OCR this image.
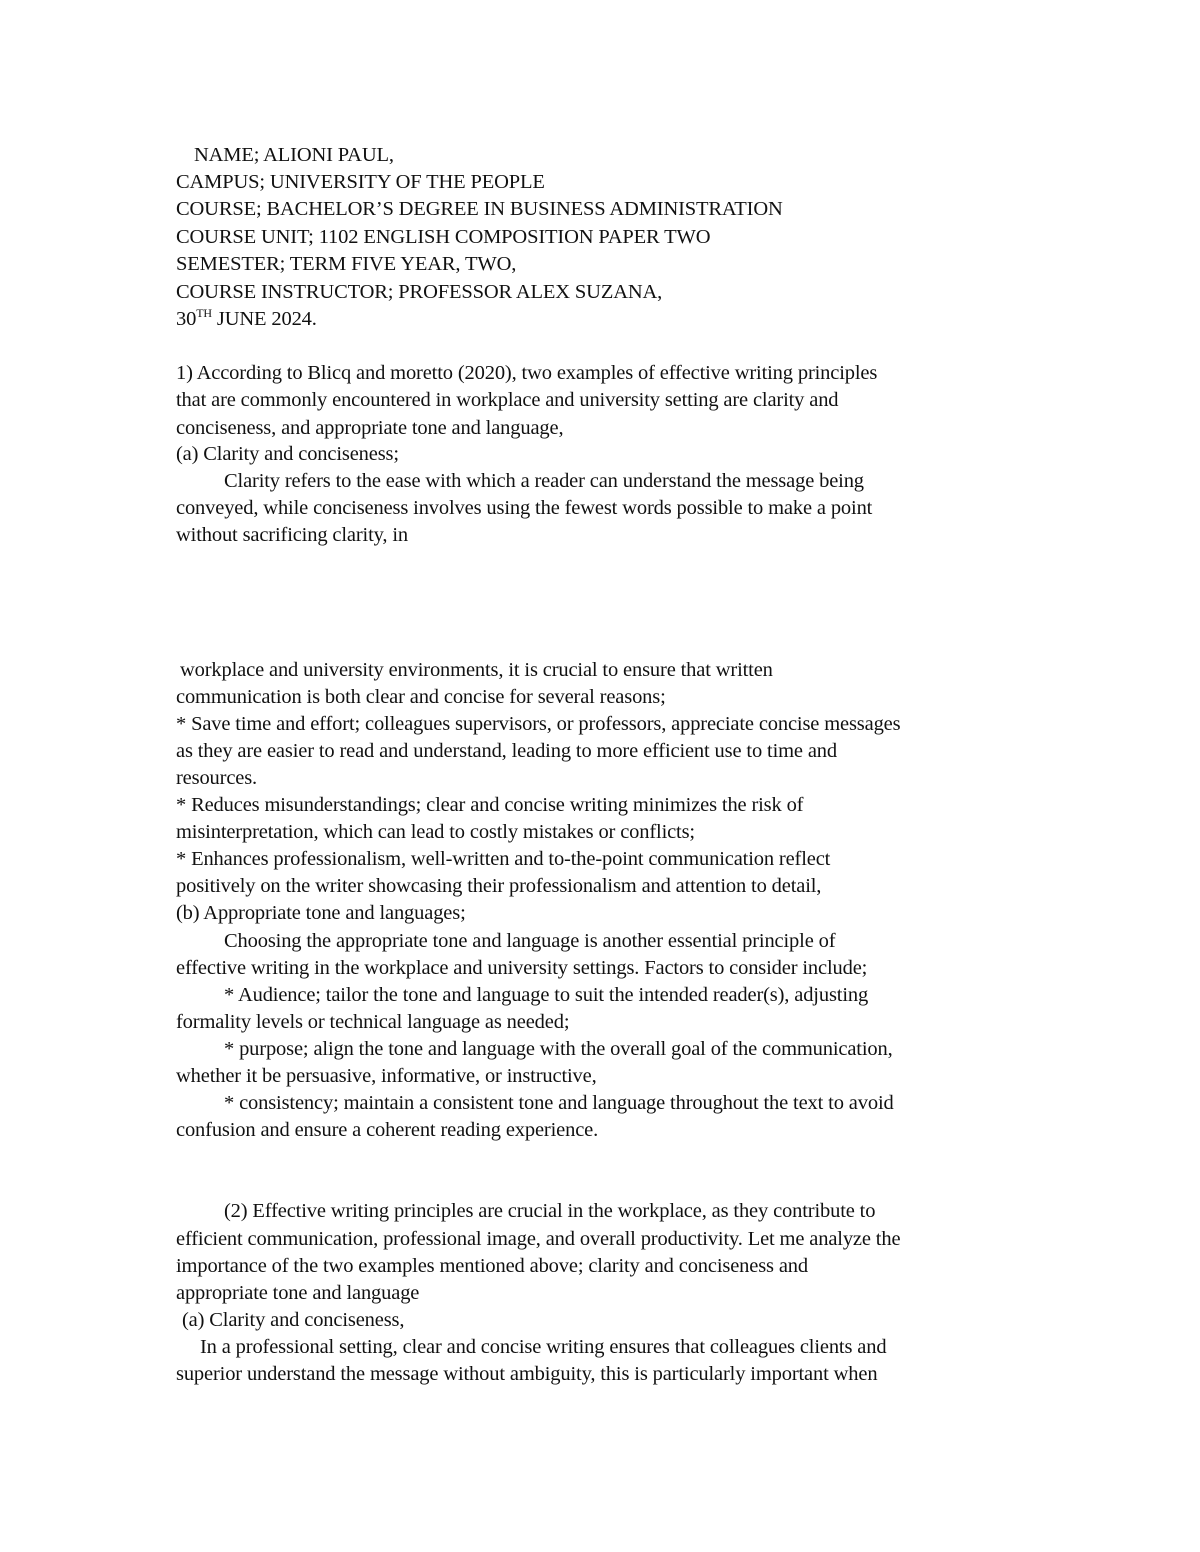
NAME; ALIONI PAUL,
CAMPUS; UNIVERSITY OF THE PEOPLE
COURSE; BACHELOR’S DEGREE IN BUSINESS ADMINISTRATION
COURSE UNIT; 1102 ENGLISH COMPOSITION PAPER TWO
SEMESTER; TERM FIVE YEAR, TWO,
COURSE INSTRUCTOR; PROFESSOR ALEX SUZANA,
30TH JUNE 2024.
1) According to Blicq and moretto (2020), two examples of effective writing principles
that are commonly encountered in workplace and university setting are clarity and
conciseness, and appropriate tone and language,
(a) Clarity and conciseness;
Clarity refers to the ease with which a reader can understand the message being
conveyed, while conciseness involves using the fewest words possible to make a point
without sacrificing clarity, in
workplace and university environments, it is crucial to ensure that written
communication is both clear and concise for several reasons;
* Save time and effort; colleagues supervisors, or professors, appreciate concise messages
as they are easier to read and understand, leading to more efficient use to time and
resources.
* Reduces misunderstandings; clear and concise writing minimizes the risk of
misinterpretation, which can lead to costly mistakes or conflicts;
* Enhances professionalism, well-written and to-the-point communication reflect
positively on the writer showcasing their professionalism and attention to detail,
(b) Appropriate tone and languages;
Choosing the appropriate tone and language is another essential principle of
effective writing in the workplace and university settings. Factors to consider include;
* Audience; tailor the tone and language to suit the intended reader(s), adjusting
formality levels or technical language as needed;
* purpose; align the tone and language with the overall goal of the communication,
whether it be persuasive, informative, or instructive,
* consistency; maintain a consistent tone and language throughout the text to avoid
confusion and ensure a coherent reading experience.
(2) Effective writing principles are crucial in the workplace, as they contribute to
efficient communication, professional image, and overall productivity. Let me analyze the
importance of the two examples mentioned above; clarity and conciseness and
appropriate tone and language
(a) Clarity and conciseness,
In a professional setting, clear and concise writing ensures that colleagues clients and
superior understand the message without ambiguity, this is particularly important when
